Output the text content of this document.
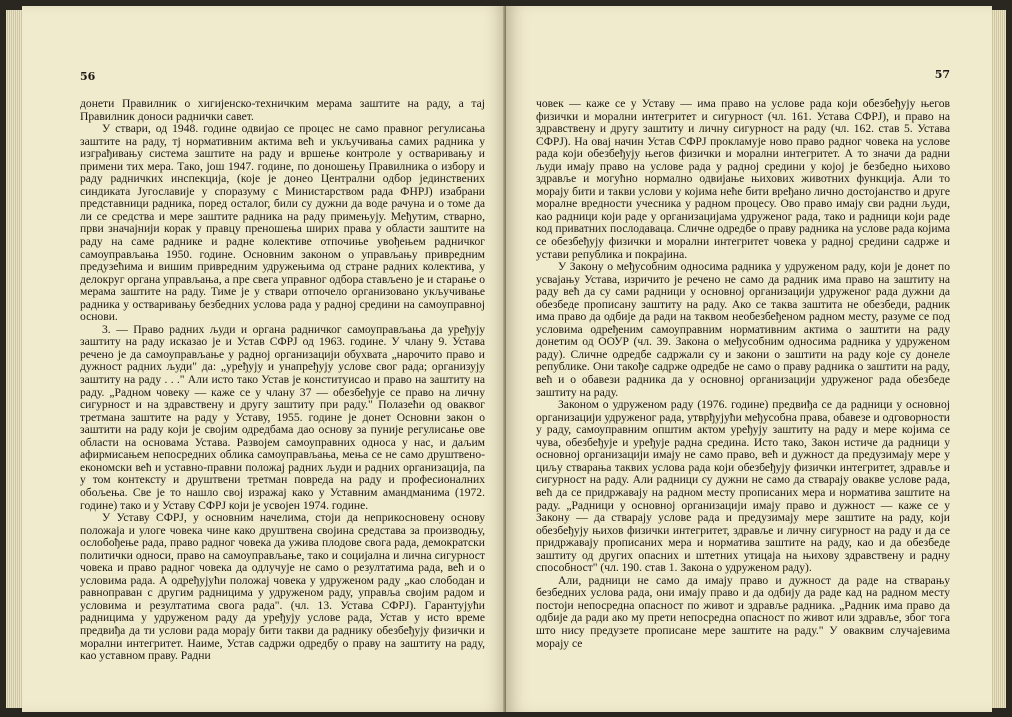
56

донети Правилник о хигијенско-техничким мерама заштите на раду, а тај Правилник доноси раднички савет.

У ствари, од 1948. године одвијао се процес не само правног регулисања заштите на раду, тј нормативним актима већ и укључивања самих радника у изграђивању система заштите на раду и вршење контроле у остваривању и примени тих мера. Тако, још 1947. године, по доношењу Правилника о избору и раду радничких инспекција, (које је донео Централни одбор јединствених синдиката Југославије у споразуму с Министарством рада ФНРЈ) изабрани представници радника, поред осталог, били су дужни да воде рачуна и о томе да ли се средства и мере заштите радника на раду примењују. Међутим, стварно, први значајнији корак у правцу преношења ширих права у области заштите на раду на саме раднике и радне колективе отпочиње увођењем радничког самоуправљања 1950. године. Основним законом о управљању привредним предузећима и вишим привредним удружењима од стране радних колектива, у делокруг органа управљања, а пре свега управног одбора стављено је и старање о мерама заштите на раду. Тиме је у ствари отпочело организовано укључивање радника у остваривању безбедних услова рада у радној средини на самоуправној основи.

3. — Право радних људи и органа радничког самоуправљања да уређују заштиту на раду исказао је и Устав СФРЈ од 1963. године. У члану 9. Устава речено је да самоуправљање у радној организацији обухвата „нарочито право и дужност радних људи" да: „уређују и унапређују услове свог рада; организују заштиту на раду . . ." Али исто тако Устав је конституисао и право на заштиту на раду. „Радном човеку — каже се у члану 37 — обезбеђује се право на личну сигурност и на здравствену и другу заштиту при раду." Полазећи од оваквог третмана заштите на раду у Уставу, 1955. године је донет Основни закон о заштити на раду који је својим одредбама дао основу за пуније регулисање ове области на основама Устава. Развојем самоуправних односа у нас, и даљим афирмисањем непосредних облика самоуправљања, мења се не само друштвено-економски већ и уставно-правни положај радних људи и радних организација, па у том контексту и друштвени третман повреда на раду и професионалних обољења. Све је то нашло свој изражај како у Уставним амандманима (1972. године) тако и у Уставу СФРЈ који је усвојен 1974. године.

У Уставу СФРЈ, у основним начелима, стоји да неприкосновену основу положаја и улоге човека чине како друштвена својина средстава за производњу, ослобођење рада, право радног човека да ужива плодове свога рада, демократски политички односи, право на самоуправљање, тако и социјална и лична сигурност човека и право радног човека да одлучује не само о резултатима рада, већ и о условима рада. А одређујући положај човека у удруженом раду „као слободан и равноправан с другим радницима у удруженом раду, управља својим радом и условима и резултатима свога рада". (чл. 13. Устава СФРЈ). Гарантујући радницима у удруженом раду да уређују услове рада, Устав у исто време предвиђа да ти услови рада морају бити такви да раднику обезбеђују физички и морални интегритет. Наиме, Устав садржи одредбу о праву на заштиту на раду, као уставном праву. Радни

57

човек — каже се у Уставу — има право на услове рада који обезбеђују његов физички и морални интегритет и сигурност (чл. 161. Устава СФРЈ), и право на здравствену и другу заштиту и личну сигурност на раду (чл. 162. став 5. Устава СФРЈ). На овај начин Устав СФРЈ прокламује ново право радног човека на услове рада који обезбеђују његов физички и морални интегритет. А то значи да радни људи имају право на услове рада у радној средини у којој је безбедно њихово здравље и могућно нормално одвијање њихових животних функција. Али то морају бити и такви услови у којима неће бити вређано лично достојанство и друге моралне вредности учесника у радном процесу. Ово право имају сви радни људи, као радници који раде у организацијама удруженог рада, тако и радници који раде код приватних послодаваца. Сличне одредбе о праву радника на услове рада којима се обезбеђују физички и морални интегритет човека у радној средини садрже и устави република и покрајина.

У Закону о међусобним односима радника у удруженом раду, који је донет по усвајању Устава, изричито је речено не само да радник има право на заштиту на раду већ да су сами радници у основној организацији удруженог рада дужни да обезбеде прописану заштиту на раду. Ако се таква заштита не обезбеди, радник има право да одбије да ради на таквом необезбеђеном радном месту, разуме се под условима одређеним самоуправним нормативним актима о заштити на раду донетим од ООУР (чл. 39. Закона о међусобним односима радника у удруженом раду). Сличне одредбе садржали су и закони о заштити на раду које су донеле републике. Они такође садрже одредбе не само о праву радника о заштити на раду, већ и о обавези радника да у основној организацији удруженог рада обезбеде заштиту на раду.

Законом о удруженом раду (1976. године) предвиђа се да радници у основној организацији удруженог рада, утврђујући међусобна права, обавезе и одговорности у раду, самоуправним општим актом уређују заштиту на раду и мере којима се чува, обезбеђује и уређује радна средина. Исто тако, Закон истиче да радници у основној организацији имају не само право, већ и дужност да предузимају мере у циљу стварања таквих услова рада који обезбеђују физички интегритет, здравље и сигурност на раду. Али радници су дужни не само да стварају овакве услове рада, већ да се придржавају на радном месту прописаних мера и норматива заштите на раду. „Радници у основној организацији имају право и дужност — каже се у Закону — да стварају услове рада и предузимају мере заштите на раду, који обезбеђују њихов физички интегритет, здравље и личну сигурност на раду и да се придржавају прописаних мера и норматива заштите на раду, као и да обезбеде заштиту од других опасних и штетних утицаја на њихову здравствену и радну способност" (чл. 190. став 1. Закона о удруженом раду).

Али, радници не само да имају право и дужност да раде на стварању безбедних услова рада, они имају право и да одбију да раде кад на радном месту постоји непосредна опасност по живот и здравље радника. „Радник има право да одбије да ради ако му прети непосредна опасност по живот или здравље, због тога што нису предузете прописане мере заштите на раду." У оваквим случајевима морају се
